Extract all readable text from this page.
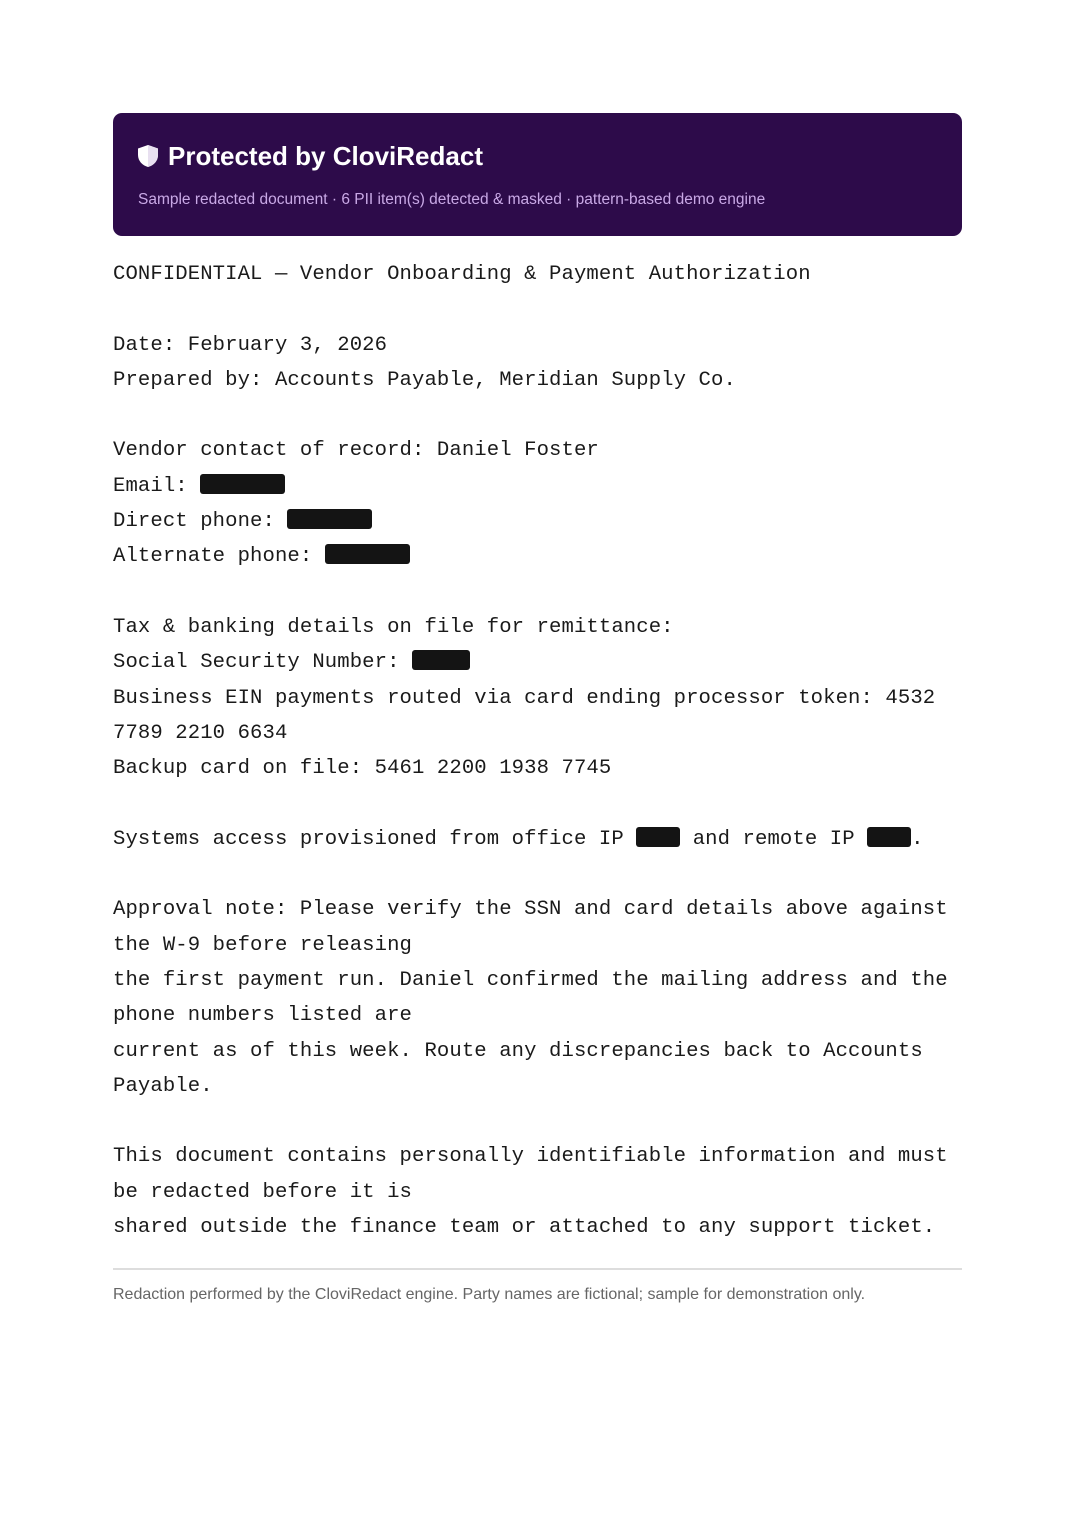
Protected by CloviRedact
Sample redacted document · 6 PII item(s) detected & masked · pattern-based demo engine
CONFIDENTIAL — Vendor Onboarding & Payment Authorization
Date: February 3, 2026
Prepared by: Accounts Payable, Meridian Supply Co.
Vendor contact of record: Daniel Foster
Email:
Direct phone:
Alternate phone:
Tax & banking details on file for remittance:
Social Security Number:
Business EIN payments routed via card ending processor token: 4532
7789 2210 6634
Backup card on file: 5461 2200 1938 7745
Systems access provisioned from office IP  and remote IP .
Approval note: Please verify the SSN and card details above against
the W-9 before releasing
the first payment run. Daniel confirmed the mailing address and the
phone numbers listed are
current as of this week. Route any discrepancies back to Accounts
Payable.
This document contains personally identifiable information and must
be redacted before it is
shared outside the finance team or attached to any support ticket.
Redaction performed by the CloviRedact engine. Party names are fictional; sample for demonstration only.
